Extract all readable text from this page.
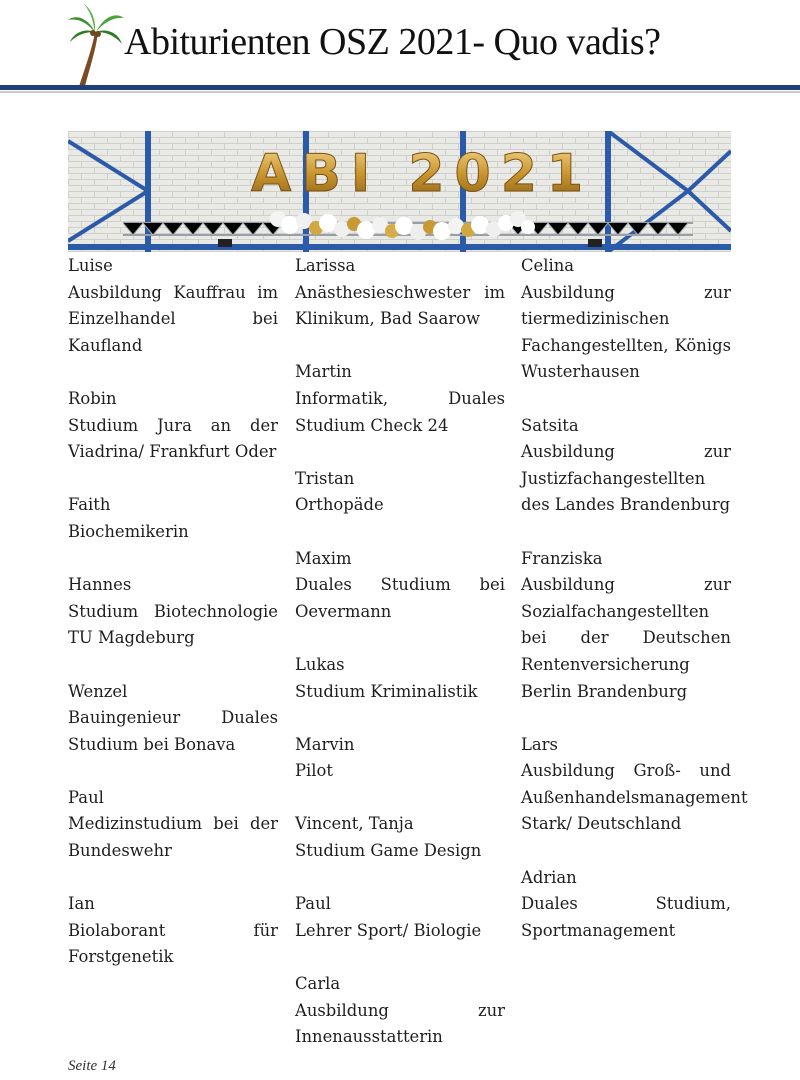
Abiturienten OSZ 2021- Quo vadis?
ABI 2021
Luise
Ausbildung Kauffrau im Einzelhandel bei Kaufland
Robin
Studium Jura an der Viadrina/ Frankfurt Oder
Faith
Biochemikerin
Hannes
Studium Biotechnologie TU Magdeburg
Wenzel
Bauingenieur Duales Studium bei Bonava
Paul
Medizinstudium bei der Bundeswehr
Ian
Biolaborant für Forstgenetik
Larissa
Anästhesieschwester im Klinikum, Bad Saarow
Martin
Informatik, Duales Studium Check 24
Tristan
Orthopäde
Maxim
Duales Studium bei Oevermann
Lukas
Studium Kriminalistik
Marvin
Pilot
Vincent, Tanja
Studium Game Design
Paul
Lehrer Sport/ Biologie
Carla
Ausbildung zur Innenausstatterin
Celina
Ausbildung zur tiermedizinischen Fachangestellten, Königs Wusterhausen
Satsita
Ausbildung zur Justizfachangestellten des Landes Brandenburg
Franziska
Ausbildung zur Sozialfachangestellten bei der Deutschen Rentenversicherung Berlin Brandenburg
Lars
Ausbildung Groß- und Außenhandelsmanagement Stark/ Deutschland
Adrian
Duales Studium, Sportmanagement
Seite 14
